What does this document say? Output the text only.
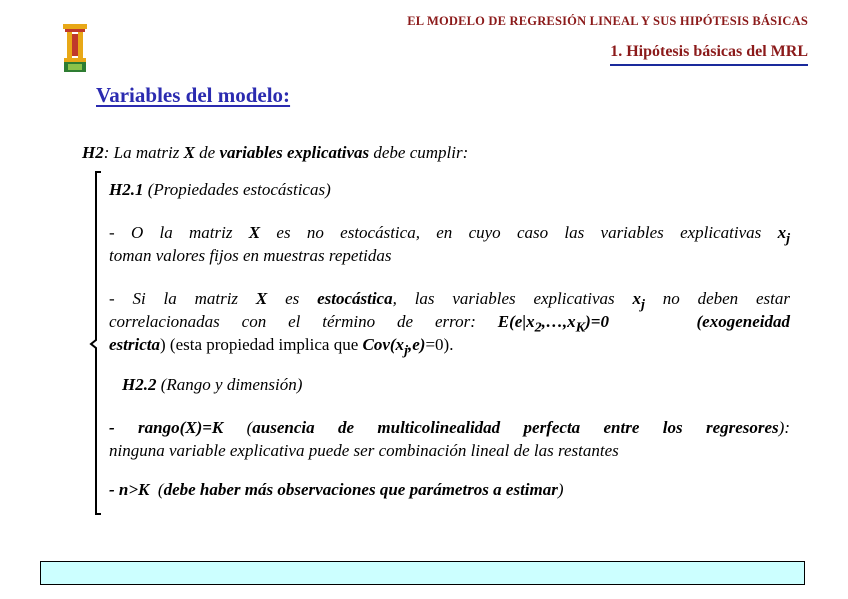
EL MODELO DE REGRESIÓN LINEAL Y SUS HIPÓTESIS BÁSICAS
1. Hipótesis básicas del MRL
Variables del modelo:
H2: La matriz X de variables explicativas debe cumplir:
H2.1 (Propiedades estocásticas)
- O la matriz X es no estocástica, en cuyo caso las variables explicativas $x_j$
toman valores fijos en muestras repetidas
- Si la matriz X es estocástica, las variables explicativas $x_j$ no deben estar
correlacionadas con el término de error: $E(e|x_2,\dots,x_K)=0$    (exogeneidad
estricta) (esta propiedad implica que $Cov(x_j,e)=0$).
H2.2 (Rango y dimensión)
- rango(X)=K (ausencia de multicolinealidad perfecta entre los regresores):
ninguna variable explicativa puede ser combinación lineal de las restantes
- n>K  (debe haber más observaciones que parámetros a estimar)
